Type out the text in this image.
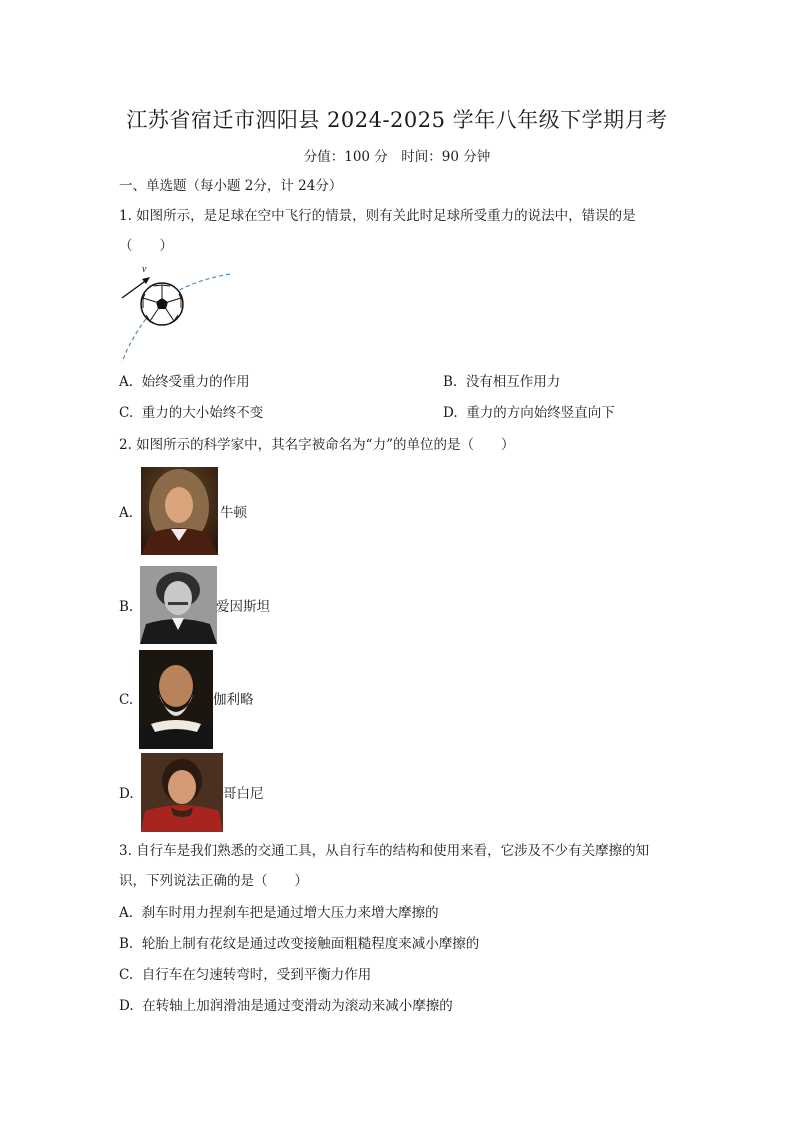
江苏省宿迁市泗阳县 2024-2025 学年八年级下学期月考
分值：100 分　时间：90 分钟
一、单选题（每小题 2分，计 24分）
1. 如图所示，是足球在空中飞行的情景，则有关此时足球所受重力的说法中，错误的是
（　　）
v
A. 始终受重力的作用	B. 没有相互作用力
C. 重力的大小始终不变	D. 重力的方向始终竖直向下
2. 如图所示的科学家中，其名字被命名为“力”的单位的是（　　）
A.	牛顿
B.	爱因斯坦
C.	伽利略
D.	哥白尼
3. 自行车是我们熟悉的交通工具，从自行车的结构和使用来看，它涉及不少有关摩擦的知
识，下列说法正确的是（　　）
A. 刹车时用力捏刹车把是通过增大压力来增大摩擦的
B. 轮胎上制有花纹是通过改变接触面粗糙程度来减小摩擦的
C. 自行车在匀速转弯时，受到平衡力作用
D. 在转轴上加润滑油是通过变滑动为滚动来减小摩擦的
